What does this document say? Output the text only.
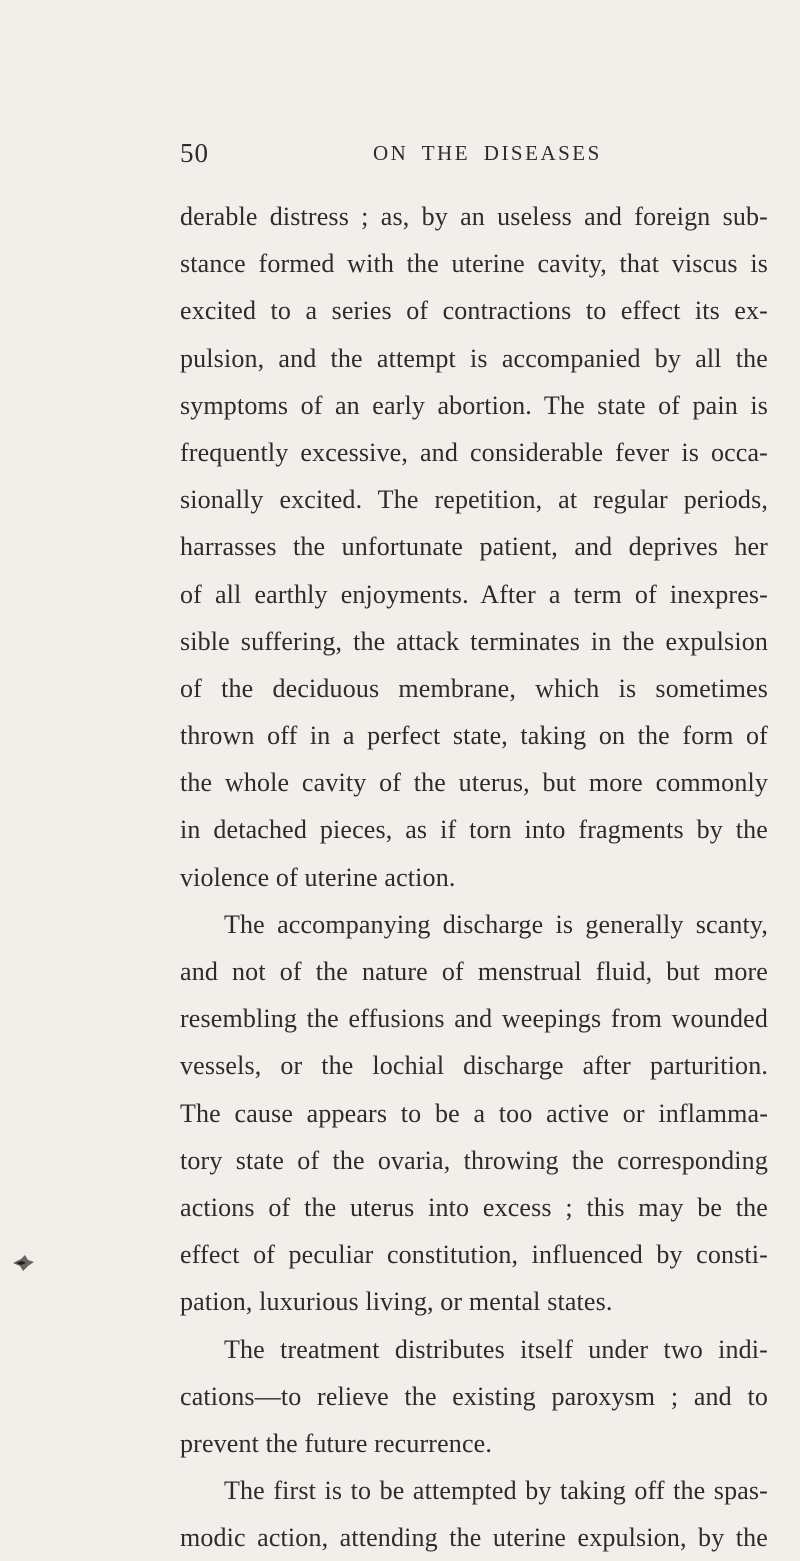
50	ON THE DISEASES
derable distress ; as, by an useless and foreign sub-
stance formed with the uterine cavity, that viscus is
excited to a series of contractions to effect its ex-
pulsion, and the attempt is accompanied by all the
symptoms of an early abortion. The state of pain is
frequently excessive, and considerable fever is occa-
sionally excited. The repetition, at regular periods,
harrasses the unfortunate patient, and deprives her
of all earthly enjoyments. After a term of inexpres-
sible suffering, the attack terminates in the expulsion
of the deciduous membrane, which is sometimes
thrown off in a perfect state, taking on the form of
the whole cavity of the uterus, but more commonly
in detached pieces, as if torn into fragments by the
violence of uterine action.
The accompanying discharge is generally scanty,
and not of the nature of menstrual fluid, but more
resembling the effusions and weepings from wounded
vessels, or the lochial discharge after parturition.
The cause appears to be a too active or inflamma-
tory state of the ovaria, throwing the corresponding
actions of the uterus into excess ; this may be the
effect of peculiar constitution, influenced by consti-
pation, luxurious living, or mental states.
The treatment distributes itself under two indi-
cations—to relieve the existing paroxysm ; and to
prevent the future recurrence.
The first is to be attempted by taking off the spas-
modic action, attending the uterine expulsion, by the
